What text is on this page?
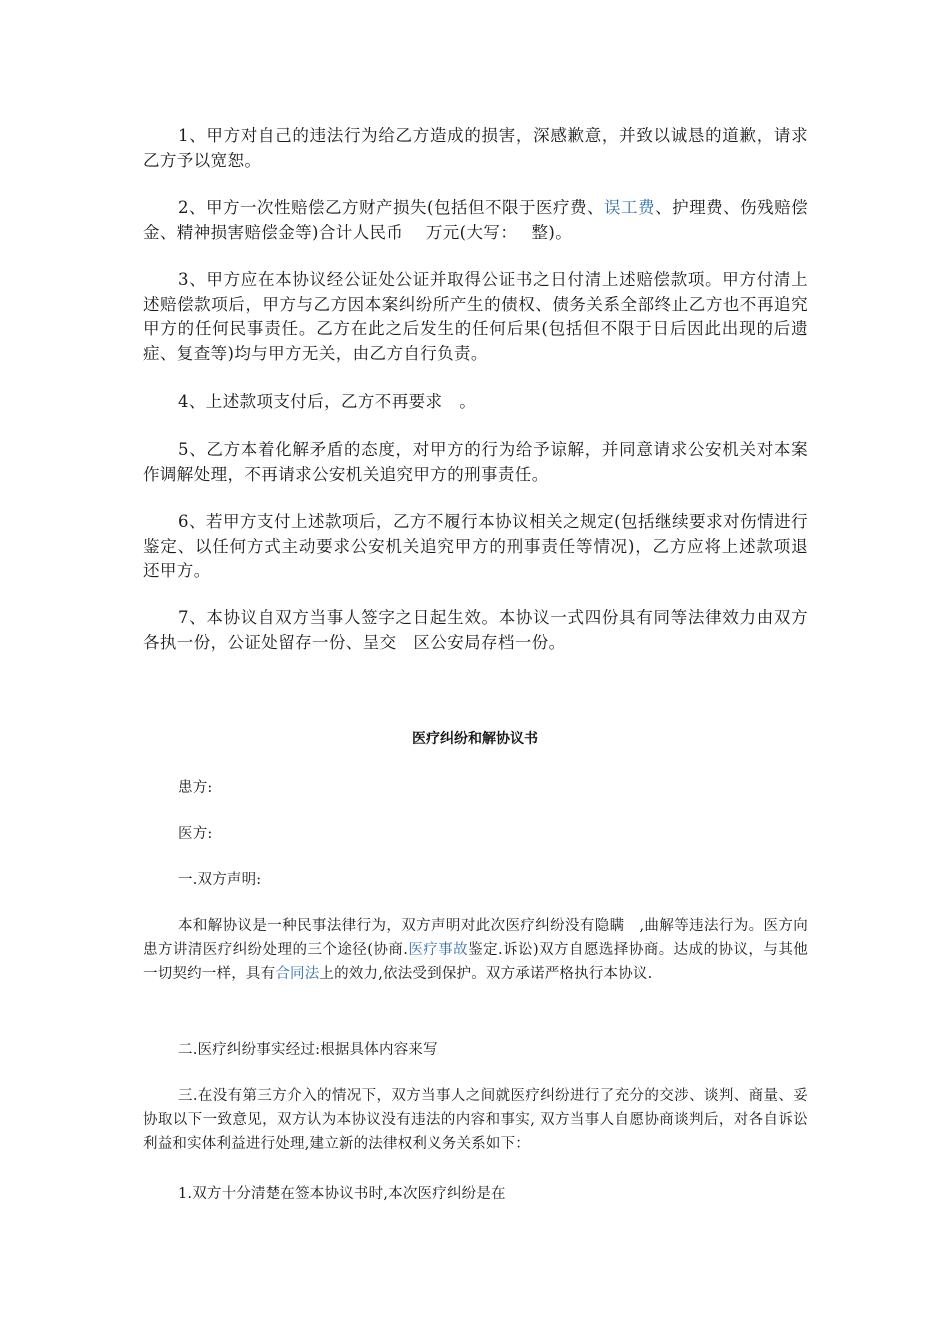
1、甲方对自己的违法行为给乙方造成的损害，深感歉意，并致以诚恳的道歉，请求乙方予以宽恕。

2、甲方一次性赔偿乙方财产损失(包括但不限于医疗费、误工费、护理费、伤残赔偿金、精神损害赔偿金等)合计人民币　 万元(大写：　 整)。

3、甲方应在本协议经公证处公证并取得公证书之日付清上述赔偿款项。甲方付清上述赔偿款项后，甲方与乙方因本案纠纷所产生的债权、债务关系全部终止乙方也不再追究甲方的任何民事责任。乙方在此之后发生的任何后果(包括但不限于日后因此出现的后遗症、复查等)均与甲方无关，由乙方自行负责。

4、上述款项支付后，乙方不再要求　。

5、乙方本着化解矛盾的态度，对甲方的行为给予谅解，并同意请求公安机关对本案作调解处理，不再请求公安机关追究甲方的刑事责任。

6、若甲方支付上述款项后，乙方不履行本协议相关之规定(包括继续要求对伤情进行鉴定、以任何方式主动要求公安机关追究甲方的刑事责任等情况)，乙方应将上述款项退还甲方。

7、本协议自双方当事人签字之日起生效。本协议一式四份具有同等法律效力由双方各执一份，公证处留存一份、呈交　区公安局存档一份。

医疗纠纷和解协议书

患方:

医方:

一.双方声明:

本和解协议是一种民事法律行为，双方声明对此次医疗纠纷没有隐瞒　,曲解等违法行为。医方向患方讲清医疗纠纷处理的三个途径(协商.医疗事故鉴定.诉讼)双方自愿选择协商。达成的协议，与其他一切契约一样，具有合同法上的效力,依法受到保护。双方承诺严格执行本协议.

二.医疗纠纷事实经过:根据具体内容来写

三.在没有第三方介入的情况下，双方当事人之间就医疗纠纷进行了充分的交涉、谈判、商量、妥协取以下一致意见，双方认为本协议没有违法的内容和事实, 双方当事人自愿协商谈判后，对各自诉讼利益和实体利益进行处理,建立新的法律权利义务关系如下：

1.双方十分清楚在签本协议书时,本次医疗纠纷是在
